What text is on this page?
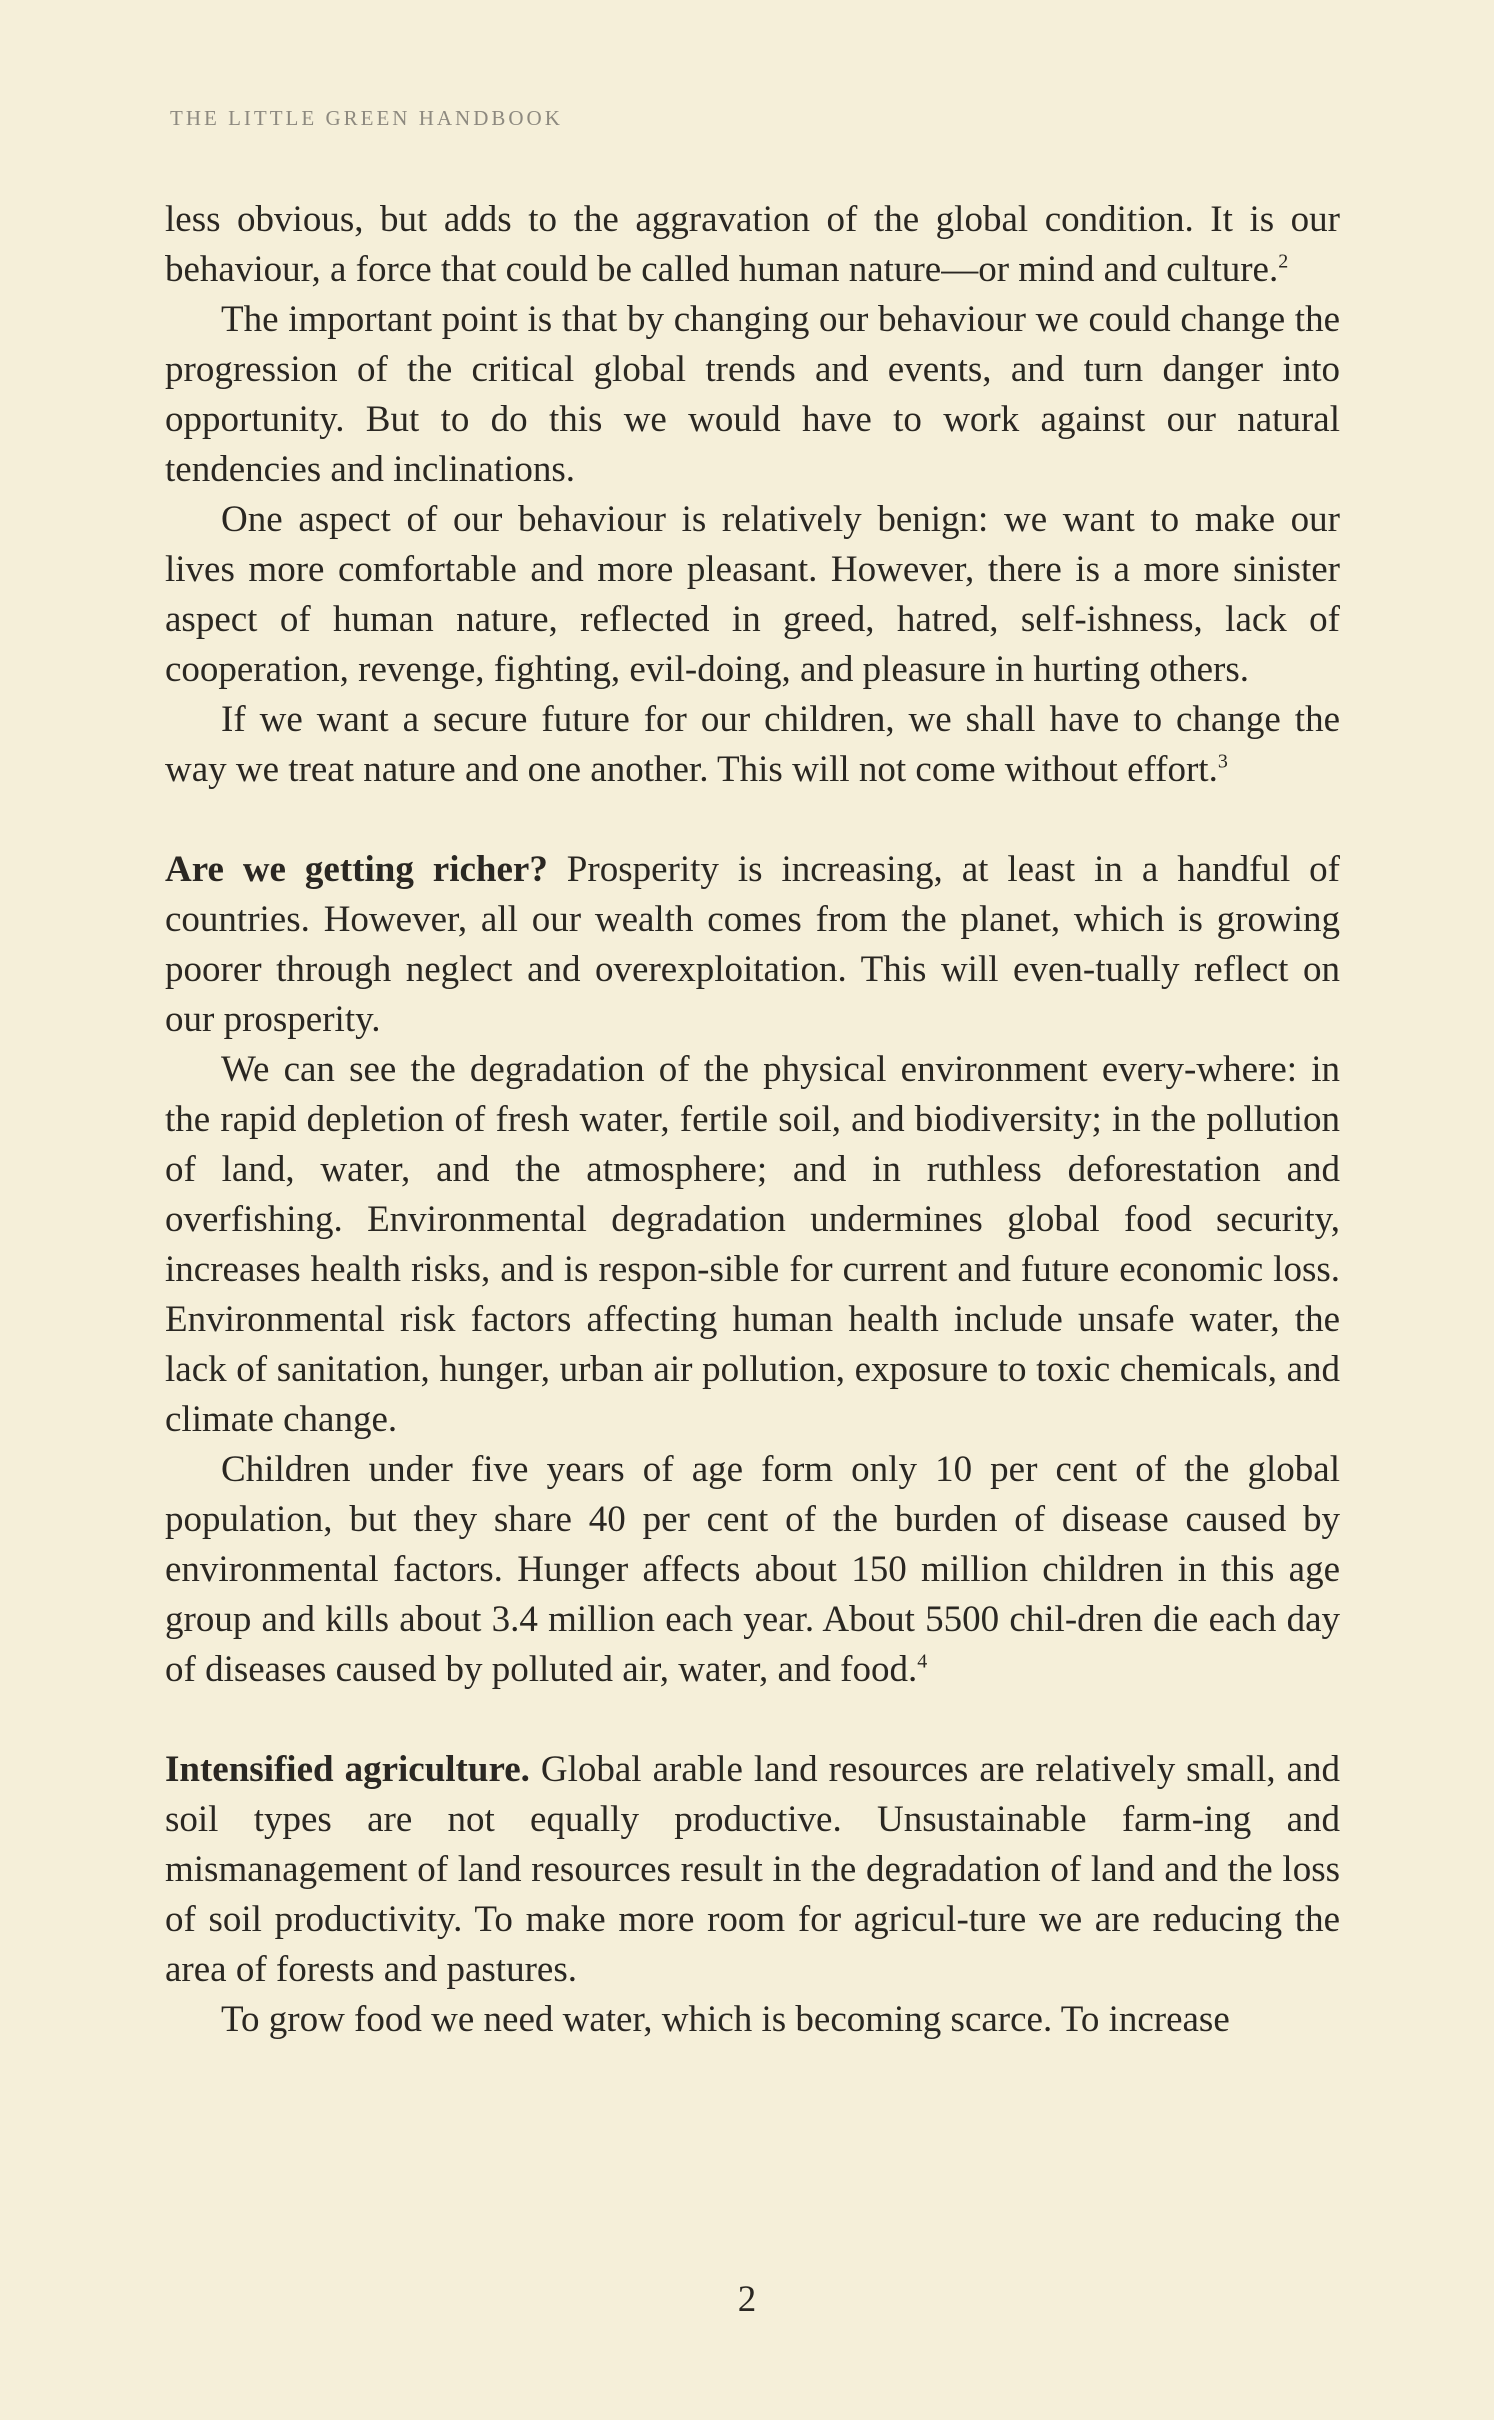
THE LITTLE GREEN HANDBOOK

less obvious, but adds to the aggravation of the global condition. It is our behaviour, a force that could be called human nature—or mind and culture.$^2$

The important point is that by changing our behaviour we could change the progression of the critical global trends and events, and turn danger into opportunity. But to do this we would have to work against our natural tendencies and inclinations.

One aspect of our behaviour is relatively benign: we want to make our lives more comfortable and more pleasant. However, there is a more sinister aspect of human nature, reflected in greed, hatred, self-ishness, lack of cooperation, revenge, fighting, evil-doing, and pleasure in hurting others.

If we want a secure future for our children, we shall have to change the way we treat nature and one another. This will not come without effort.$^3$

Are we getting richer? Prosperity is increasing, at least in a handful of countries. However, all our wealth comes from the planet, which is growing poorer through neglect and overexploitation. This will even-tually reflect on our prosperity.

We can see the degradation of the physical environment every-where: in the rapid depletion of fresh water, fertile soil, and biodiversity; in the pollution of land, water, and the atmosphere; and in ruthless deforestation and overfishing. Environmental degradation undermines global food security, increases health risks, and is respon-sible for current and future economic loss. Environmental risk factors affecting human health include unsafe water, the lack of sanitation, hunger, urban air pollution, exposure to toxic chemicals, and climate change.

Children under five years of age form only 10 per cent of the global population, but they share 40 per cent of the burden of disease caused by environmental factors. Hunger affects about 150 million children in this age group and kills about 3.4 million each year. About 5500 chil-dren die each day of diseases caused by polluted air, water, and food.$^4$

Intensified agriculture. Global arable land resources are relatively small, and soil types are not equally productive. Unsustainable farm-ing and mismanagement of land resources result in the degradation of land and the loss of soil productivity. To make more room for agricul-ture we are reducing the area of forests and pastures.

To grow food we need water, which is becoming scarce. To increase

2
